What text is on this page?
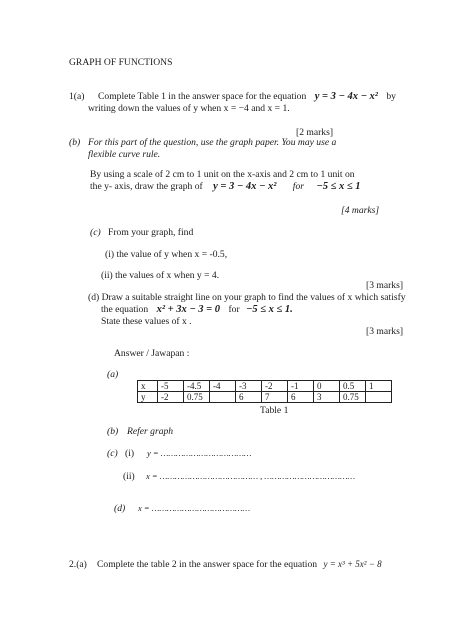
GRAPH OF FUNCTIONS
1(a) Complete Table 1 in the answer space for the equation y = 3 − 4x − x² by
writing down the values of y when x = −4 and x = 1.
[2 marks]
(b) For this part of the question, use the graph paper. You may use a
flexible curve rule.
By using a scale of 2 cm to 1 unit on the x-axis and 2 cm to 1 unit on
the y- axis, draw the graph of y = 3 − 4x − x² for −5 ≤ x ≤ 1
[4 marks]
(c) From your graph, find
(i) the value of y when x = -0.5,
(ii) the values of x when y = 4.
[3 marks]
(d) Draw a suitable straight line on your graph to find the values of x which satisfy
the equation x² + 3x − 3 = 0 for −5 ≤ x ≤ 1.
State these values of x .
[3 marks]
Answer / Jawapan :
(a)
x	-5	-4.5	-4	-3	-2	-1	0	0.5	1
y	-2	0.75		6	7	6	3	0.75	
Table 1
(b) Refer graph
(c) (i) y = ………………………………
(ii) x = ………………………………… , ………………………………
(d) x = …………………………………
2.(a) Complete the table 2 in the answer space for the equation y = x³ + 5x² − 8
